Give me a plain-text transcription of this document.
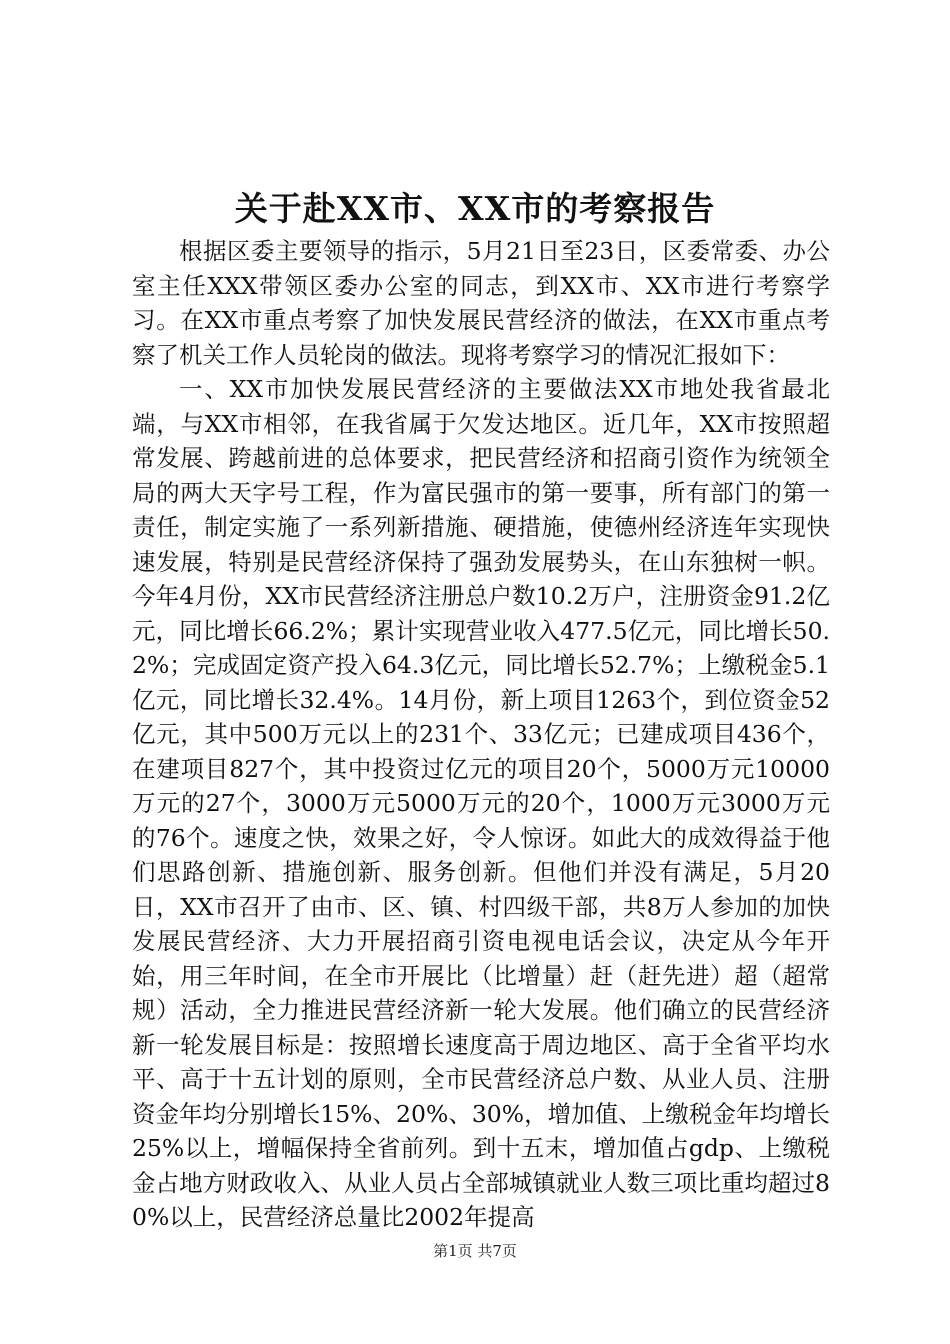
关于赴XX市、XX市的考察报告

根据区委主要领导的指示，5月21日至23日，区委常委、办公室主任XXX带领区委办公室的同志，到XX市、XX市进行考察学习。在XX市重点考察了加快发展民营经济的做法，在XX市重点考察了机关工作人员轮岗的做法。现将考察学习的情况汇报如下：

一、XX市加快发展民营经济的主要做法XX市地处我省最北端，与XX市相邻，在我省属于欠发达地区。近几年，XX市按照超常发展、跨越前进的总体要求，把民营经济和招商引资作为统领全局的两大天字号工程，作为富民强市的第一要事，所有部门的第一责任，制定实施了一系列新措施、硬措施，使德州经济连年实现快速发展，特别是民营经济保持了强劲发展势头，在山东独树一帜。今年4月份，XX市民营经济注册总户数10.2万户，注册资金91.2亿元，同比增长66.2%；累计实现营业收入477.5亿元，同比增长50.2%；完成固定资产投入64.3亿元，同比增长52.7%；上缴税金5.1亿元，同比增长32.4%。14月份，新上项目1263个，到位资金52亿元，其中500万元以上的231个、33亿元；已建成项目436个，在建项目827个，其中投资过亿元的项目20个，5000万元10000万元的27个，3000万元5000万元的20个，1000万元3000万元的76个。速度之快，效果之好，令人惊讶。如此大的成效得益于他们思路创新、措施创新、服务创新。但他们并没有满足，5月20日，XX市召开了由市、区、镇、村四级干部，共8万人参加的加快发展民营经济、大力开展招商引资电视电话会议，决定从今年开始，用三年时间，在全市开展比（比增量）赶（赶先进）超（超常规）活动，全力推进民营经济新一轮大发展。他们确立的民营经济新一轮发展目标是：按照增长速度高于周边地区、高于全省平均水平、高于十五计划的原则，全市民营经济总户数、从业人员、注册资金年均分别增长15%、20%、30%，增加值、上缴税金年均增长25%以上，增幅保持全省前列。到十五末，增加值占gdp、上缴税金占地方财政收入、从业人员占全部城镇就业人数三项比重均超过80%以上，民营经济总量比2002年提高

第1页 共7页
